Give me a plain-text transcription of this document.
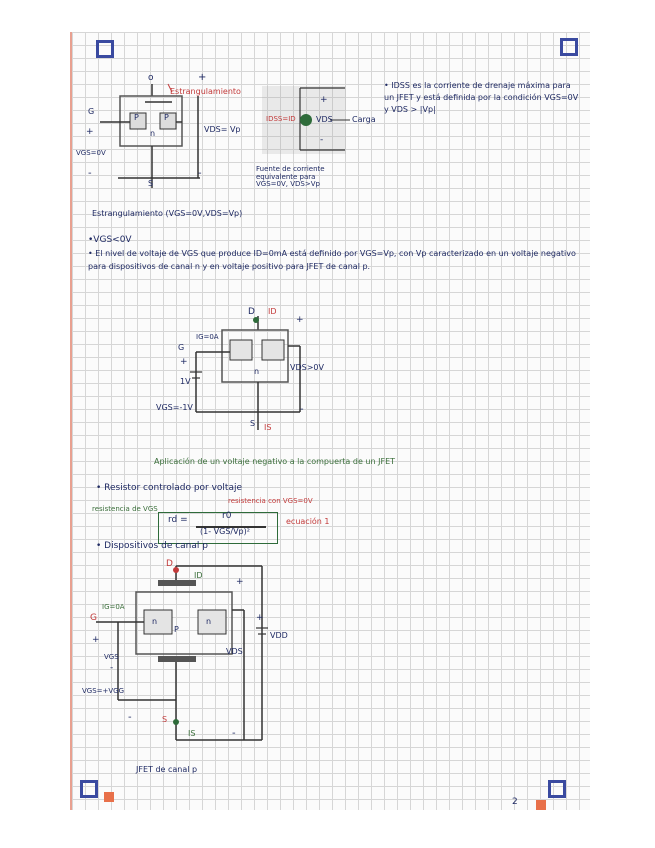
o	+
Estrangulamiento
G
P	P
n	VDS= Vp
+
VGS=0V
-
S
-
Estrangulamiento (VGS=0V,VDS=Vp)
IDSS=ID	VDS Carga
+
-
Fuente de corriente equivalente para VGS=0V, VDS>Vp
• IDSS es la corriente de drenaje máxima para un JFET y está definida por la condición VGS=0V y VDS > |Vp|
•VGS<0V
• El nivel de voltaje de VGS que produce ID=0mA está definido por VGS=Vp, con Vp caracterizado en un voltaje negativo para dispositivos de canal n y en voltaje positivo para JFET de canal p.
D ID
+
IG=0A
G
+
1V
n	VDS>0V
VGS=-1V
IS
S
-
Aplicación de un voltaje negativo a la compuerta de un JFET
• Resistor controlado por voltaje
resistencia de VGS
resistencia con VGS=0V
rd =	r0
(1- VGS/Vp)²
ecuación 1
• Dispositivos de canal p
D
ID
+
G
IG=0A
n	n
P
+
VDD
VDS
+
VGS
-
VGS=+VGG
-	S
IS	-
JFET de canal p
2
